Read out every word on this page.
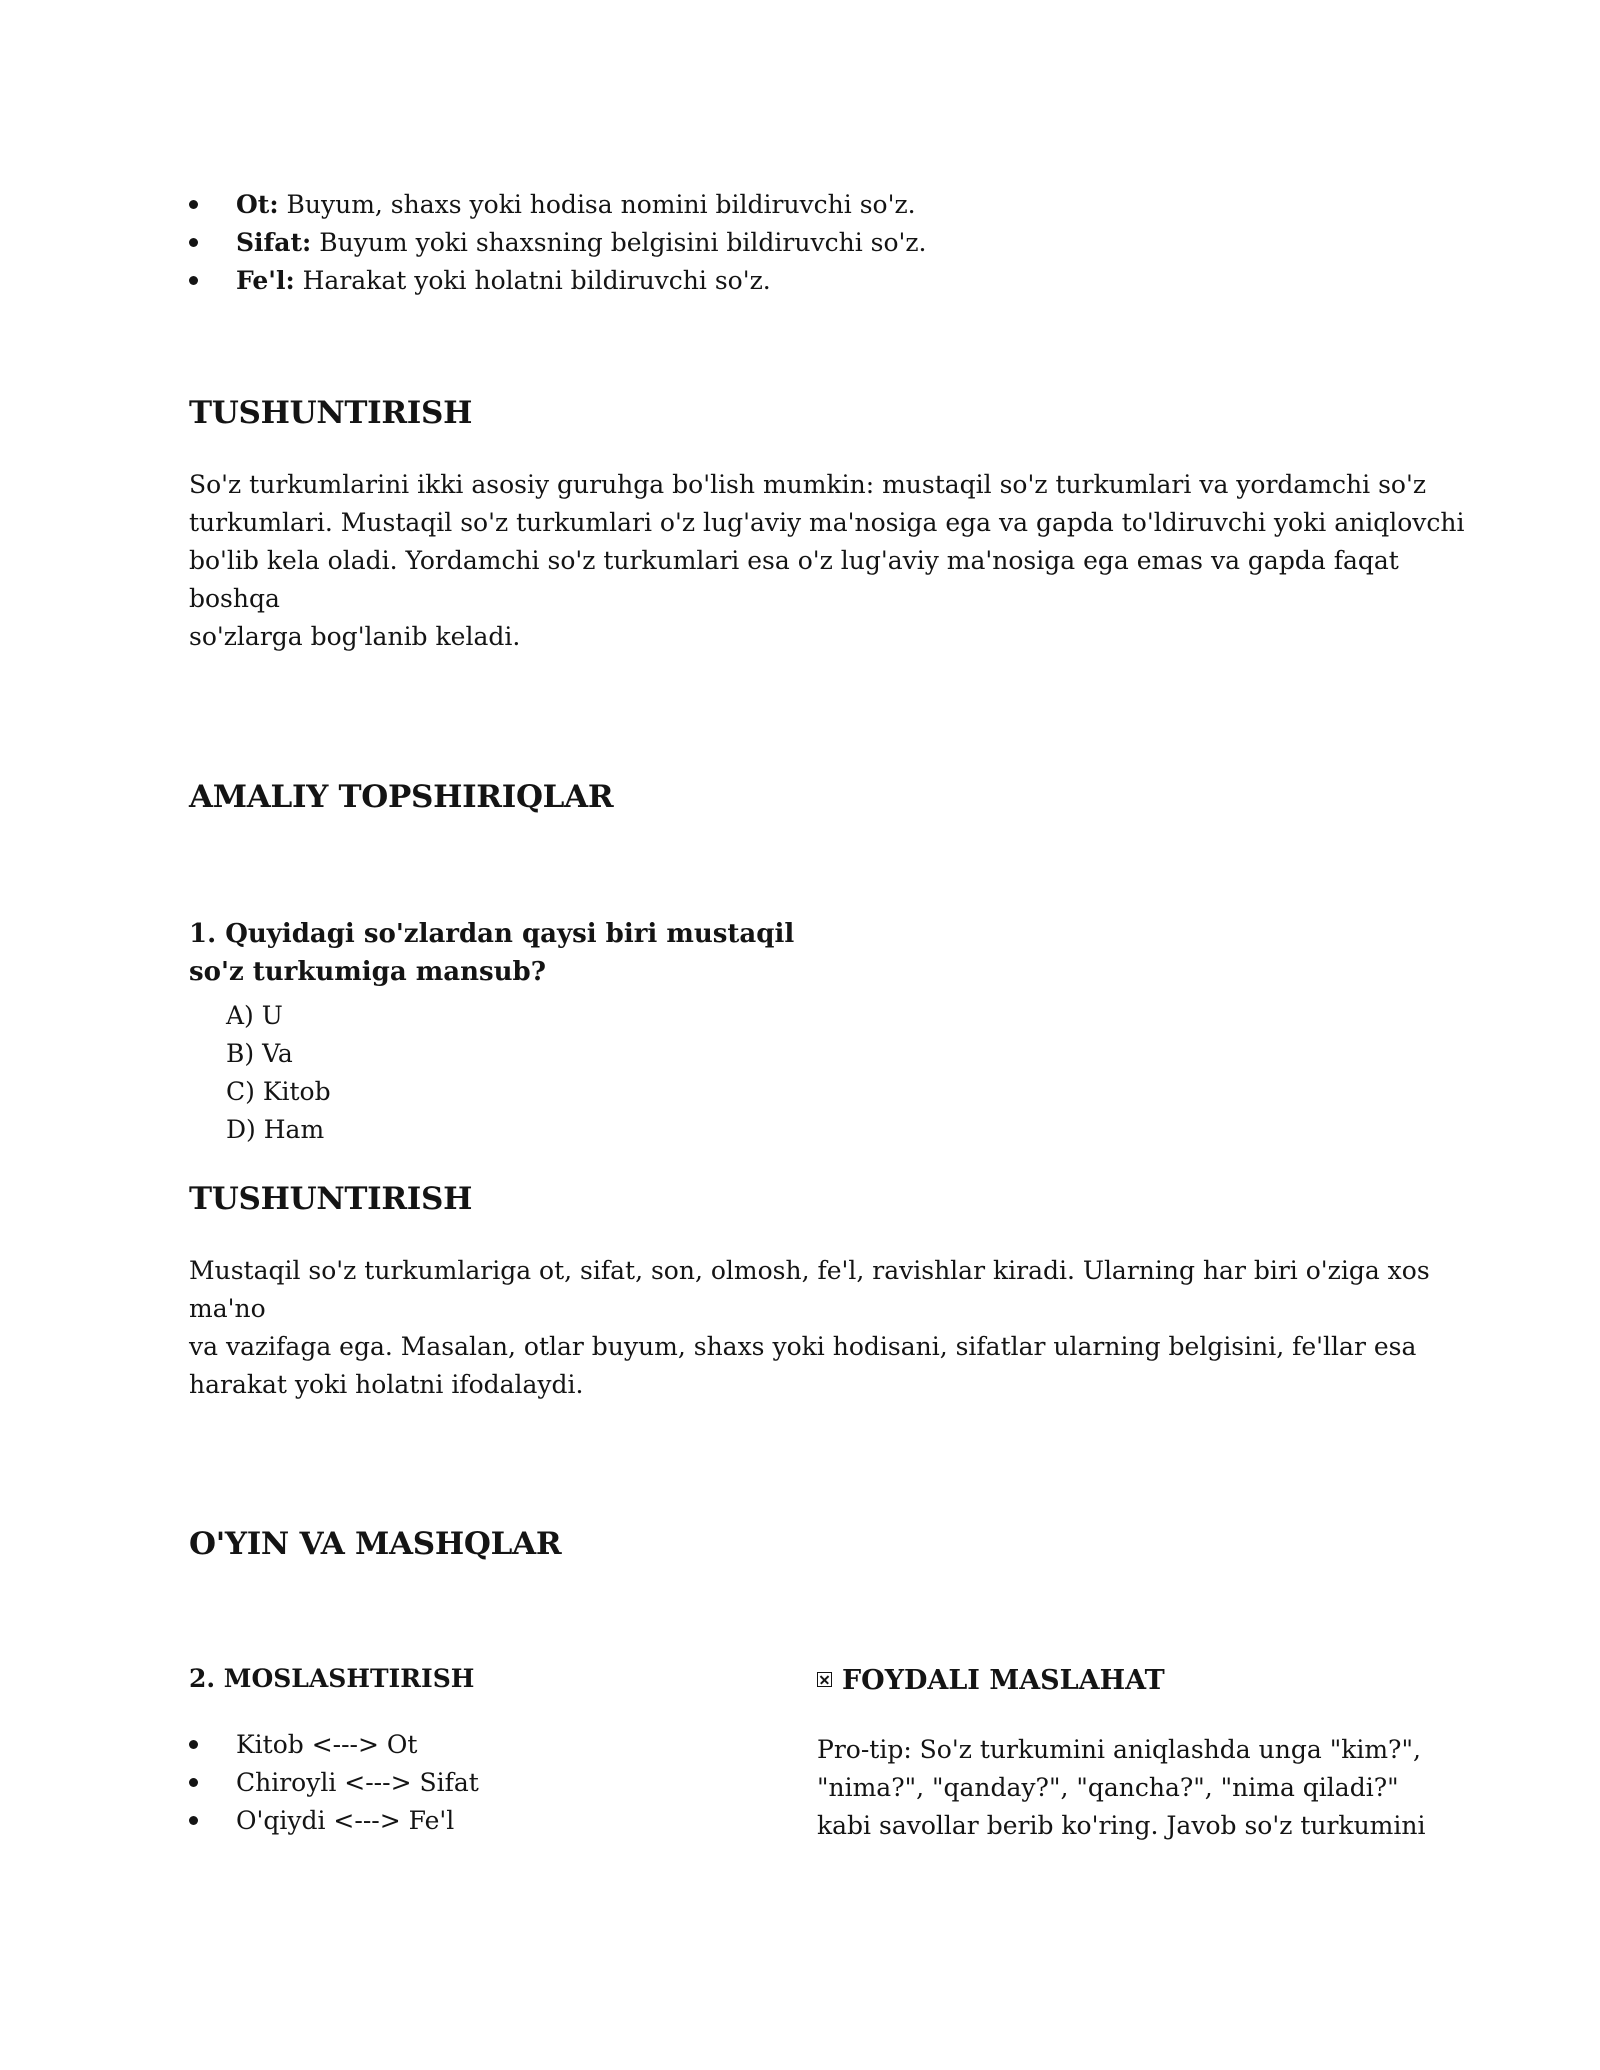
Ot: Buyum, shaxs yoki hodisa nomini bildiruvchi so'z.
Sifat: Buyum yoki shaxsning belgisini bildiruvchi so'z.
Fe'l: Harakat yoki holatni bildiruvchi so'z.
TUSHUNTIRISH
So'z turkumlarini ikki asosiy guruhga bo'lish mumkin: mustaqil so'z turkumlari va yordamchi so'z
turkumlari. Mustaqil so'z turkumlari o'z lug'aviy ma'nosiga ega va gapda to'ldiruvchi yoki aniqlovchi
bo'lib kela oladi. Yordamchi so'z turkumlari esa o'z lug'aviy ma'nosiga ega emas va gapda faqat boshqa
so'zlarga bog'lanib keladi.
AMALIY TOPSHIRIQLAR
1. Quyidagi so'zlardan qaysi biri mustaqil
so'z turkumiga mansub?
A) U
B) Va
C) Kitob
D) Ham
TUSHUNTIRISH
Mustaqil so'z turkumlariga ot, sifat, son, olmosh, fe'l, ravishlar kiradi. Ularning har biri o'ziga xos ma'no
va vazifaga ega. Masalan, otlar buyum, shaxs yoki hodisani, sifatlar ularning belgisini, fe'llar esa
harakat yoki holatni ifodalaydi.
O'YIN VA MASHQLAR
2. MOSLASHTIRISH
Kitob <---> Ot
Chiroyli <---> Sifat
O'qiydi <---> Fe'l
FOYDALI MASLAHAT
Pro-tip: So'z turkumini aniqlashda unga "kim?",
"nima?", "qanday?", "qancha?", "nima qiladi?"
kabi savollar berib ko'ring. Javob so'z turkumini
